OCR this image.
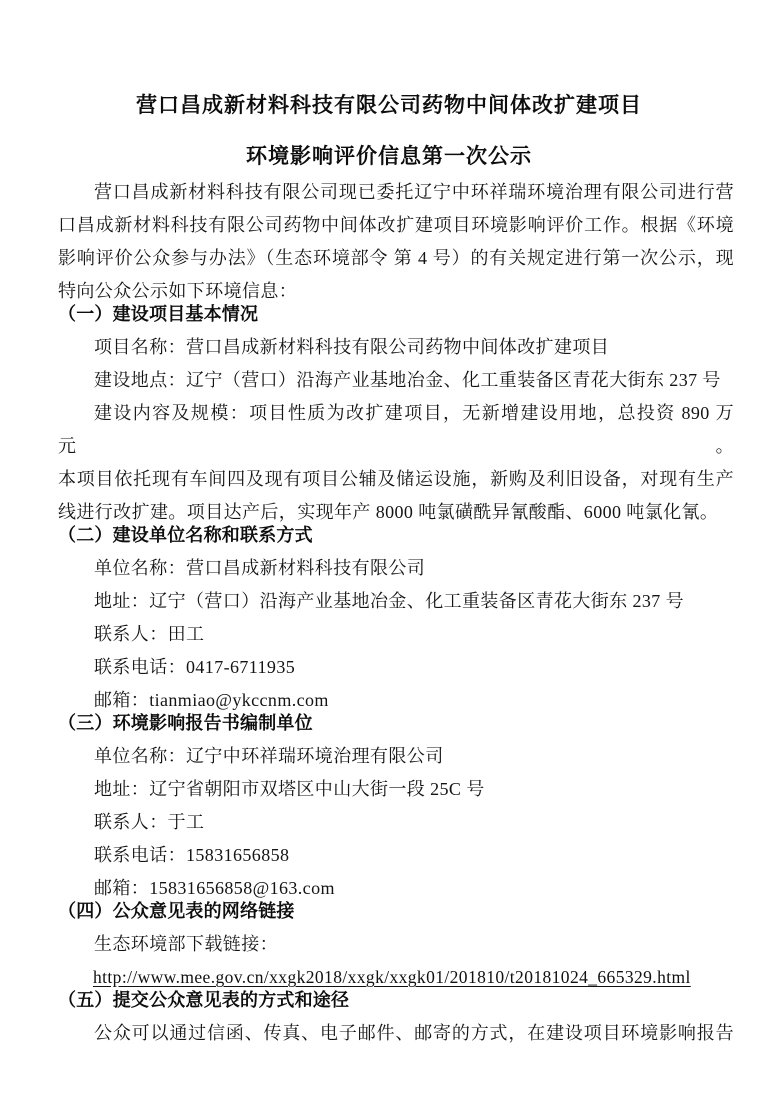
营口昌成新材料科技有限公司药物中间体改扩建项目
环境影响评价信息第一次公示
营口昌成新材料科技有限公司现已委托辽宁中环祥瑞环境治理有限公司进行营
口昌成新材料科技有限公司药物中间体改扩建项目环境影响评价工作。根据《环境
影响评价公众参与办法》（生态环境部令 第 4 号）的有关规定进行第一次公示，现
特向公众公示如下环境信息：
（一）建设项目基本情况
项目名称：营口昌成新材料科技有限公司药物中间体改扩建项目
建设地点：辽宁（营口）沿海产业基地冶金、化工重装备区青花大街东 237 号
建设内容及规模：项目性质为改扩建项目，无新增建设用地，总投资 890 万元。
本项目依托现有车间四及现有项目公辅及储运设施，新购及利旧设备，对现有生产
线进行改扩建。项目达产后，实现年产 8000 吨氯磺酰异氰酸酯、6000 吨氯化氰。
（二）建设单位名称和联系方式
单位名称：营口昌成新材料科技有限公司
地址：辽宁（营口）沿海产业基地冶金、化工重装备区青花大街东 237 号
联系人：田工
联系电话：0417-6711935
邮箱：tianmiao@ykccnm.com
（三）环境影响报告书编制单位
单位名称：辽宁中环祥瑞环境治理有限公司
地址：辽宁省朝阳市双塔区中山大街一段 25C 号
联系人：于工
联系电话：15831656858
邮箱：15831656858@163.com
（四）公众意见表的网络链接
生态环境部下载链接：
http://www.mee.gov.cn/xxgk2018/xxgk/xxgk01/201810/t20181024_665329.html
（五）提交公众意见表的方式和途径
公众可以通过信函、传真、电子邮件、邮寄的方式，在建设项目环境影响报告
